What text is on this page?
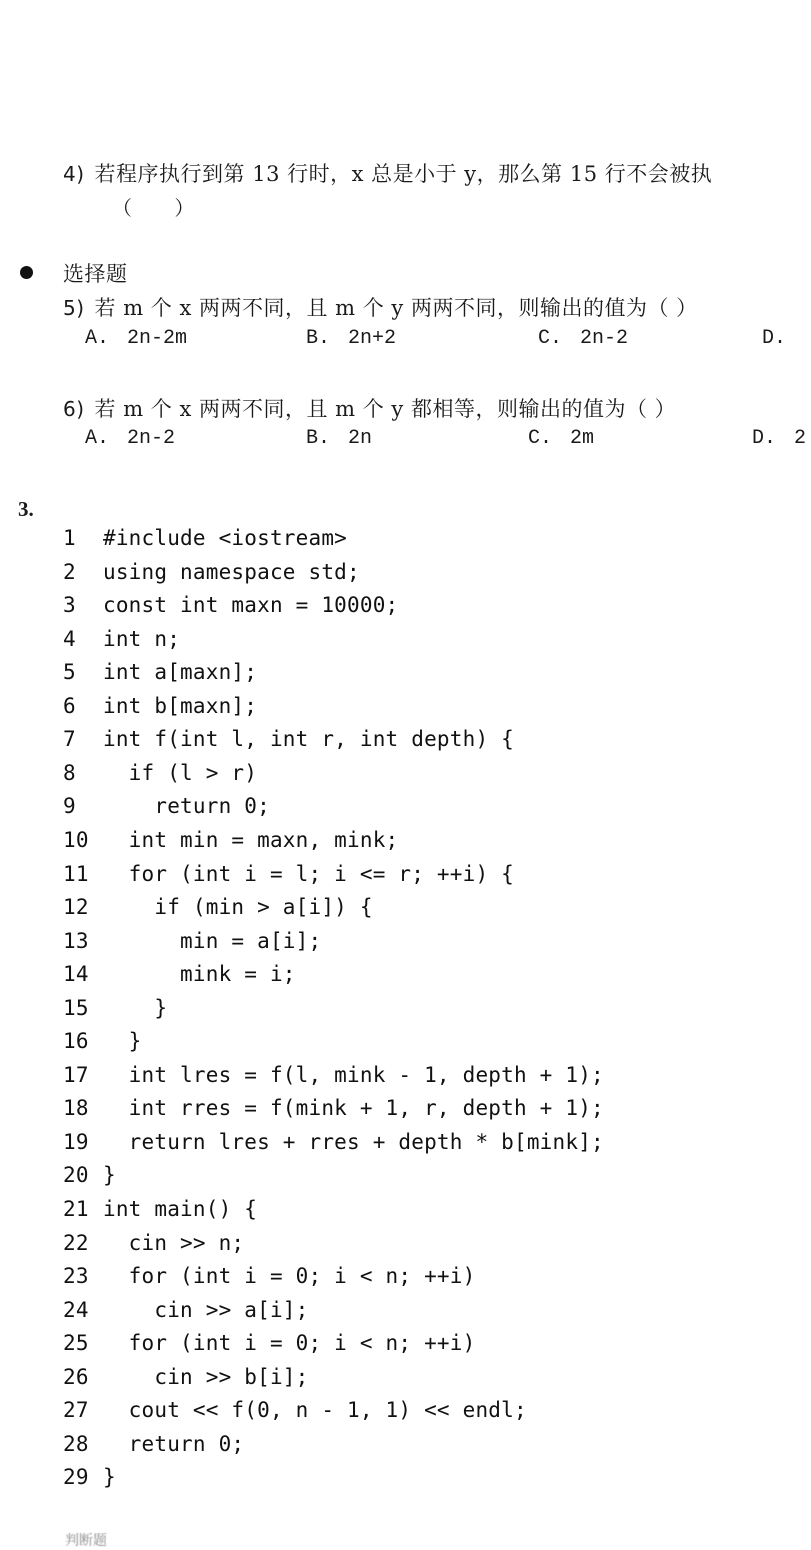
4) 若程序执行到第 13 行时，x 总是小于 y，那么第 15 行不会被执
（ ）
选择题
5) 若 m 个 x 两两不同，且 m 个 y 两两不同，则输出的值为（ ）
A. 2n-2m	B. 2n+2	C. 2n-2	D.
6) 若 m 个 x 两两不同，且 m 个 y 都相等，则输出的值为（ ）
A. 2n-2	B. 2n	C. 2m	D. 2
3.
1 #include <iostream>
2 using namespace std;
3 const int maxn = 10000;
4 int n;
5 int a[maxn];
6 int b[maxn];
7 int f(int l, int r, int depth) {
8  if (l > r)
9    return 0;
10  int min = maxn, mink;
11  for (int i = l; i <= r; ++i) {
12    if (min > a[i]) {
13      min = a[i];
14      mink = i;
15    }
16  }
17  int lres = f(l, mink - 1, depth + 1);
18  int rres = f(mink + 1, r, depth + 1);
19  return lres + rres + depth * b[mink];
20 }
21 int main() {
22  cin >> n;
23  for (int i = 0; i < n; ++i)
24    cin >> a[i];
25  for (int i = 0; i < n; ++i)
26    cin >> b[i];
27  cout << f(0, n - 1, 1) << endl;
28  return 0;
29 }
判断题
